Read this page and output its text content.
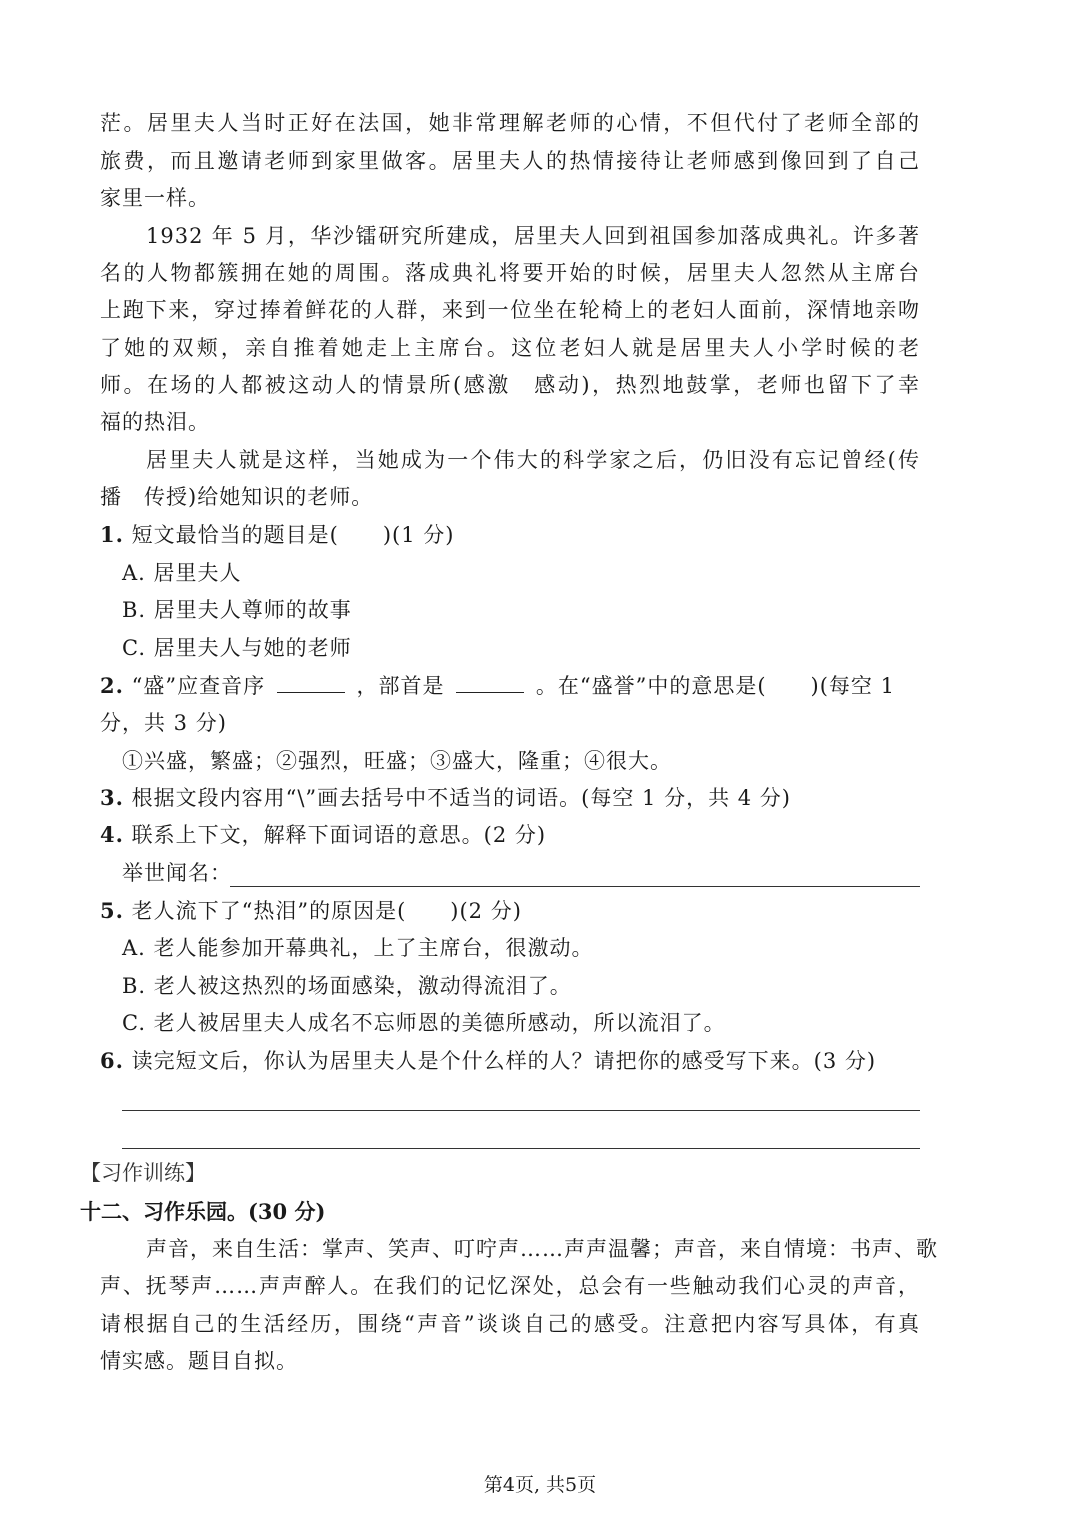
茫。居里夫人当时正好在法国，她非常理解老师的心情，不但代付了老师全部的
旅费，而且邀请老师到家里做客。居里夫人的热情接待让老师感到像回到了自己
家里一样。
1932 年 5 月，华沙镭研究所建成，居里夫人回到祖国参加落成典礼。许多著
名的人物都簇拥在她的周围。落成典礼将要开始的时候，居里夫人忽然从主席台
上跑下来，穿过捧着鲜花的人群，来到一位坐在轮椅上的老妇人面前，深情地亲吻
了她的双颊，亲自推着她走上主席台。这位老妇人就是居里夫人小学时候的老
师。在场的人都被这动人的情景所(感激　感动)，热烈地鼓掌，老师也留下了幸
福的热泪。
居里夫人就是这样，当她成为一个伟大的科学家之后，仍旧没有忘记曾经(传
播　传授)给她知识的老师。
1. 短文最恰当的题目是(　　)(1 分)
A. 居里夫人
B. 居里夫人尊师的故事
C. 居里夫人与她的老师
2. “盛”应查音序	，部首是	。在“盛誉”中的意思是(　　)(每空 1
分，共 3 分)
①兴盛，繁盛；②强烈，旺盛；③盛大，隆重；④很大。
3. 根据文段内容用“\”画去括号中不适当的词语。(每空 1 分，共 4 分)
4. 联系上下文，解释下面词语的意思。(2 分)
举世闻名：
5. 老人流下了“热泪”的原因是(　　)(2 分)
A. 老人能参加开幕典礼，上了主席台，很激动。
B. 老人被这热烈的场面感染，激动得流泪了。
C. 老人被居里夫人成名不忘师恩的美德所感动，所以流泪了。
6. 读完短文后，你认为居里夫人是个什么样的人？请把你的感受写下来。(3 分)
【习作训练】
十二、习作乐园。(30 分)
声音，来自生活：掌声、笑声、叮咛声……声声温馨；声音，来自情境：书声、歌
声、抚琴声……声声醉人。在我们的记忆深处，总会有一些触动我们心灵的声音，
请根据自己的生活经历，围绕“声音”谈谈自己的感受。注意把内容写具体，有真
情实感。题目自拟。
第4页, 共5页
